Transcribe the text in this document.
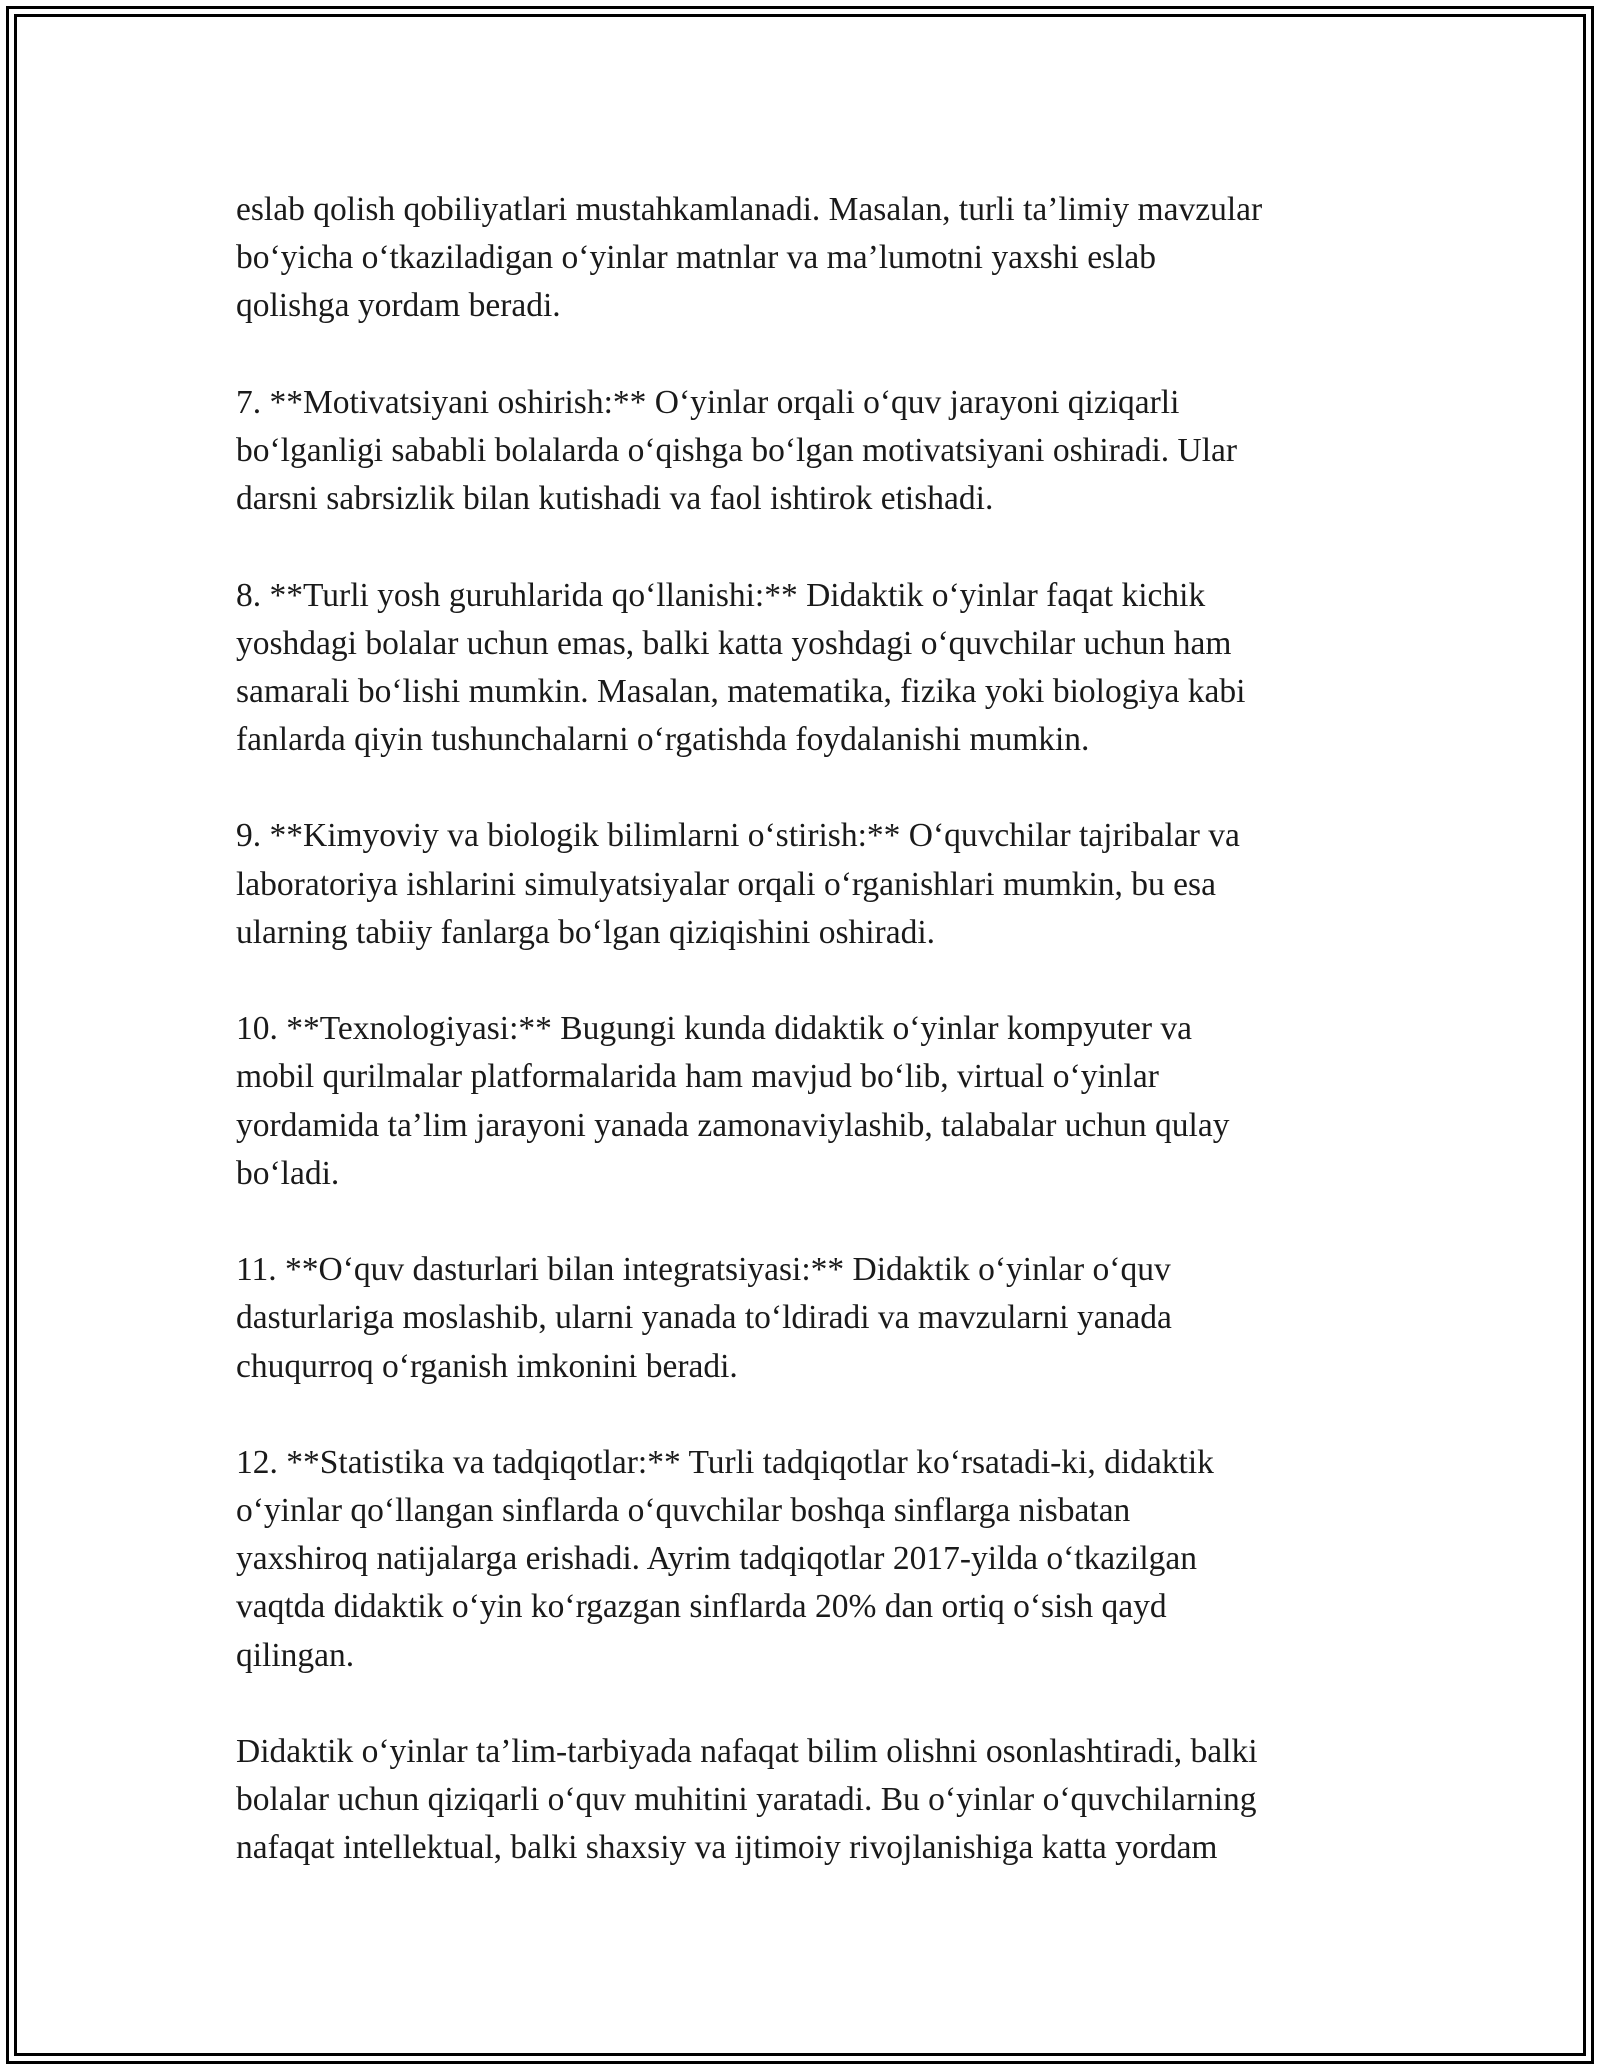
eslab qolish qobiliyatlari mustahkamlanadi. Masalan, turli ta’limiy mavzular
bo‘yicha o‘tkaziladigan o‘yinlar matnlar va ma’lumotni yaxshi eslab
qolishga yordam beradi.

7. **Motivatsiyani oshirish:** O‘yinlar orqali o‘quv jarayoni qiziqarli
bo‘lganligi sababli bolalarda o‘qishga bo‘lgan motivatsiyani oshiradi. Ular
darsni sabrsizlik bilan kutishadi va faol ishtirok etishadi.

8. **Turli yosh guruhlarida qo‘llanishi:** Didaktik o‘yinlar faqat kichik
yoshdagi bolalar uchun emas, balki katta yoshdagi o‘quvchilar uchun ham
samarali bo‘lishi mumkin. Masalan, matematika, fizika yoki biologiya kabi
fanlarda qiyin tushunchalarni o‘rgatishda foydalanishi mumkin.

9. **Kimyoviy va biologik bilimlarni o‘stirish:** O‘quvchilar tajribalar va
laboratoriya ishlarini simulyatsiyalar orqali o‘rganishlari mumkin, bu esa
ularning tabiiy fanlarga bo‘lgan qiziqishini oshiradi.

10. **Texnologiyasi:** Bugungi kunda didaktik o‘yinlar kompyuter va
mobil qurilmalar platformalarida ham mavjud bo‘lib, virtual o‘yinlar
yordamida ta’lim jarayoni yanada zamonaviylashib, talabalar uchun qulay
bo‘ladi.

11. **O‘quv dasturlari bilan integratsiyasi:** Didaktik o‘yinlar o‘quv
dasturlariga moslashib, ularni yanada to‘ldiradi va mavzularni yanada
chuqurroq o‘rganish imkonini beradi.

12. **Statistika va tadqiqotlar:** Turli tadqiqotlar ko‘rsatadi-ki, didaktik
o‘yinlar qo‘llangan sinflarda o‘quvchilar boshqa sinflarga nisbatan
yaxshiroq natijalarga erishadi. Ayrim tadqiqotlar 2017-yilda o‘tkazilgan
vaqtda didaktik o‘yin ko‘rgazgan sinflarda 20% dan ortiq o‘sish qayd
qilingan.

Didaktik o‘yinlar ta’lim-tarbiyada nafaqat bilim olishni osonlashtiradi, balki
bolalar uchun qiziqarli o‘quv muhitini yaratadi. Bu o‘yinlar o‘quvchilarning
nafaqat intellektual, balki shaxsiy va ijtimoiy rivojlanishiga katta yordam
